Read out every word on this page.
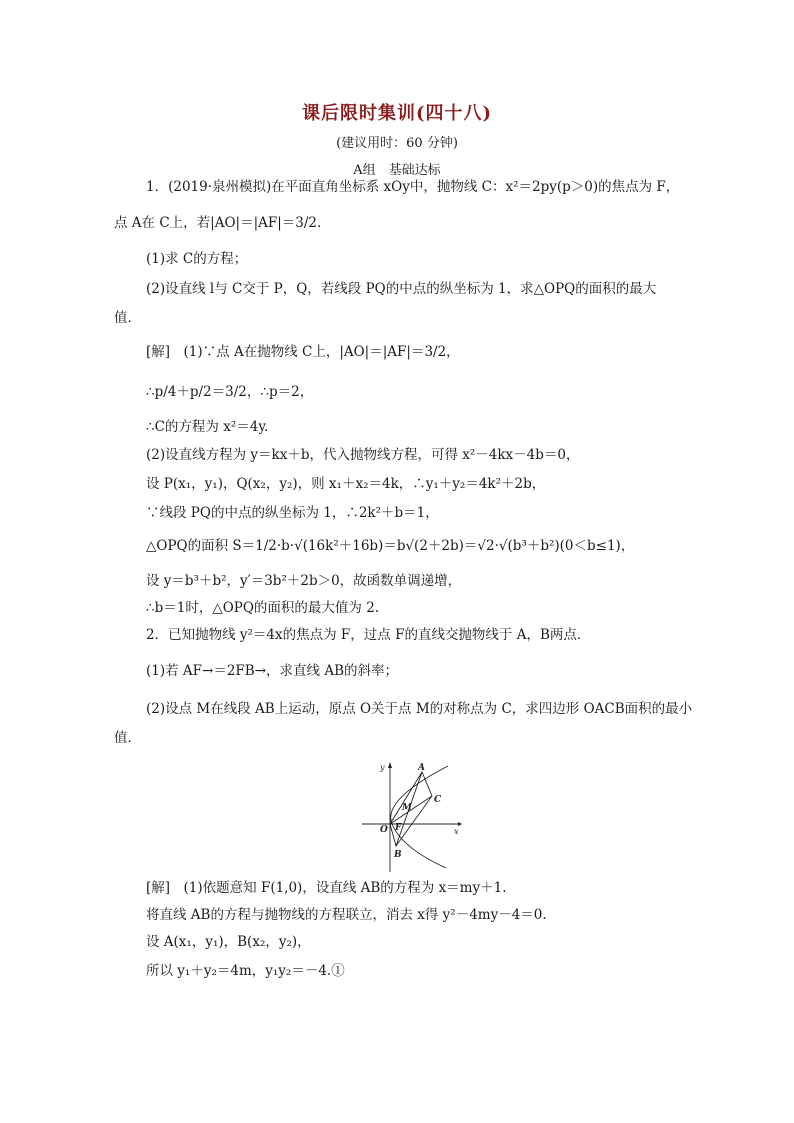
课后限时集训(四十八)
(建议用时：60 分钟)
A组　基础达标
1．(2019·泉州模拟)在平面直角坐标系 xOy中，抛物线 C：x²＝2py(p＞0)的焦点为 F，
点 A在 C上，若|AO|＝|AF|＝3/2.
(1)求 C的方程；
(2)设直线 l与 C交于 P，Q，若线段 PQ的中点的纵坐标为 1，求△OPQ的面积的最大
值．
[解]　(1)∵点 A在抛物线 C上，|AO|＝|AF|＝3/2，
∴p/4＋p/2＝3/2，∴p＝2，
∴C的方程为 x²＝4y.
(2)设直线方程为 y＝kx＋b，代入抛物线方程，可得 x²－4kx－4b＝0，
设 P(x₁，y₁)，Q(x₂，y₂)，则 x₁＋x₂＝4k，∴y₁＋y₂＝4k²＋2b，
∵线段 PQ的中点的纵坐标为 1，∴2k²＋b＝1，
△OPQ的面积 S＝1/2·b·√(16k²＋16b)＝b√(2＋2b)＝√2·√(b³＋b²)(0＜b≤1)，
设 y＝b³＋b²，y′＝3b²＋2b＞0，故函数单调递增，
∴b＝1时，△OPQ的面积的最大值为 2.
2．已知抛物线 y²＝4x的焦点为 F，过点 F的直线交抛物线于 A，B两点．
(1)若 AF→＝2FB→，求直线 AB的斜率；
(2)设点 M在线段 AB上运动，原点 O关于点 M的对称点为 C，求四边形 OACB面积的最小
值．
[解]　(1)依题意知 F(1,0)，设直线 AB的方程为 x＝my＋1.
将直线 AB的方程与抛物线的方程联立，消去 x得 y²－4my－4＝0.
设 A(x₁，y₁)，B(x₂，y₂)，
所以 y₁＋y₂＝4m，y₁y₂＝－4.①
y
x
A
M
C
O F
B
